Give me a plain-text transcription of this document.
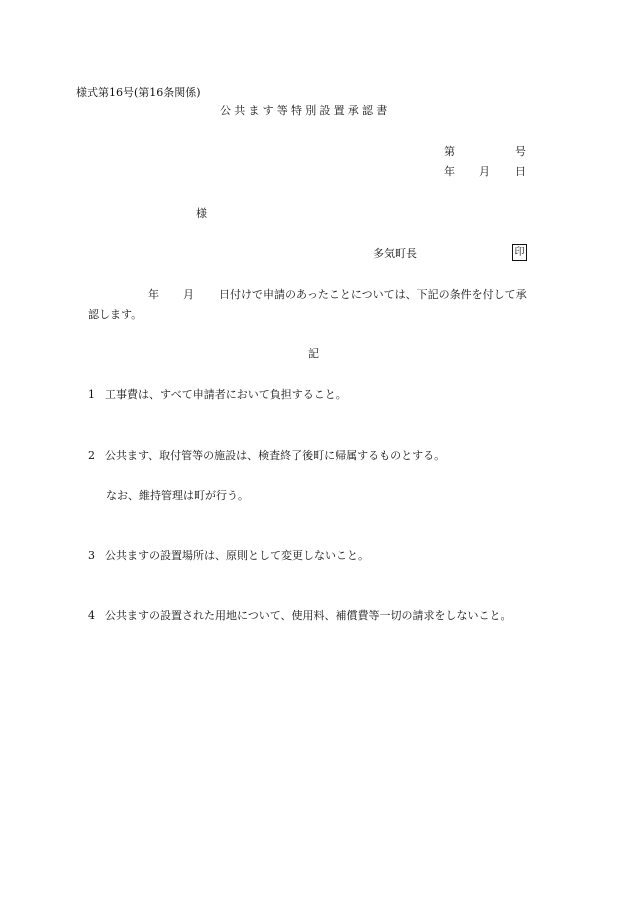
様式第16号(第16条関係)
公共ます等特別設置承認書
第	号
年 月 日
様
多気町長	印
年 月 日付けで申請のあったことについては、下記の条件を付して承
認します。
記
1 工事費は、すべて申請者において負担すること。
2 公共ます、取付管等の施設は、検査終了後町に帰属するものとする。
なお、維持管理は町が行う。
3 公共ますの設置場所は、原則として変更しないこと。
4 公共ますの設置された用地について、使用料、補償費等一切の請求をしないこと。
